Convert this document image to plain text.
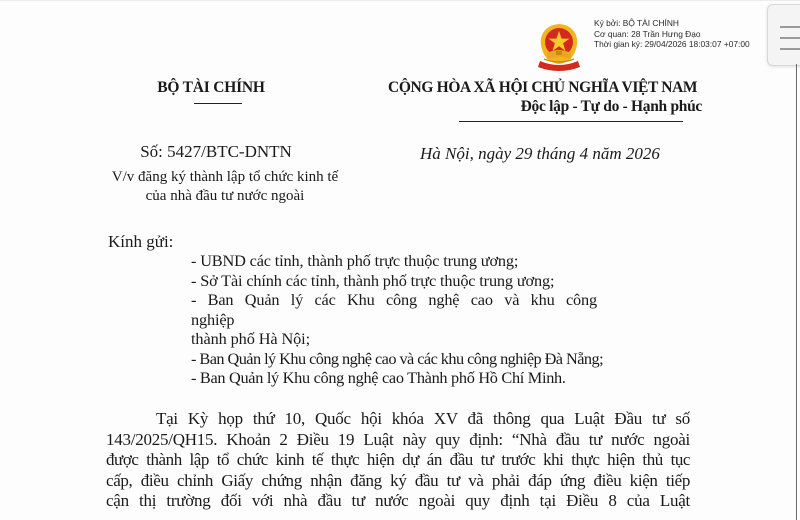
Ký bởi: BỘ TÀI CHÍNH
Cơ quan: 28 Trần Hưng Đạo
Thời gian ký: 29/04/2026 18:03:07 +07:00
BỘ TÀI CHÍNH
Số: 5427/BTC-DNTN
V/v đăng ký thành lập tổ chức kinh tế
của nhà đầu tư nước ngoài
CỘNG HÒA XÃ HỘI CHỦ NGHĨA VIỆT NAM
Độc lập - Tự do - Hạnh phúc
Hà Nội, ngày 29 tháng 4 năm 2026
Kính gửi:
- UBND các tỉnh, thành phố trực thuộc trung ương;
- Sở Tài chính các tỉnh, thành phố trực thuộc trung ương;
- Ban Quản lý các Khu công nghệ cao và khu công nghiệp
thành phố Hà Nội;
- Ban Quản lý Khu công nghệ cao và các khu công nghiệp Đà Nẵng;
- Ban Quản lý Khu công nghệ cao Thành phố Hồ Chí Minh.
Tại Kỳ họp thứ 10, Quốc hội khóa XV đã thông qua Luật Đầu tư số
143/2025/QH15. Khoản 2 Điều 19 Luật này quy định: “Nhà đầu tư nước ngoài
được thành lập tổ chức kinh tế thực hiện dự án đầu tư trước khi thực hiện thủ tục
cấp, điều chỉnh Giấy chứng nhận đăng ký đầu tư và phải đáp ứng điều kiện tiếp
cận thị trường đối với nhà đầu tư nước ngoài quy định tại Điều 8 của Luật
